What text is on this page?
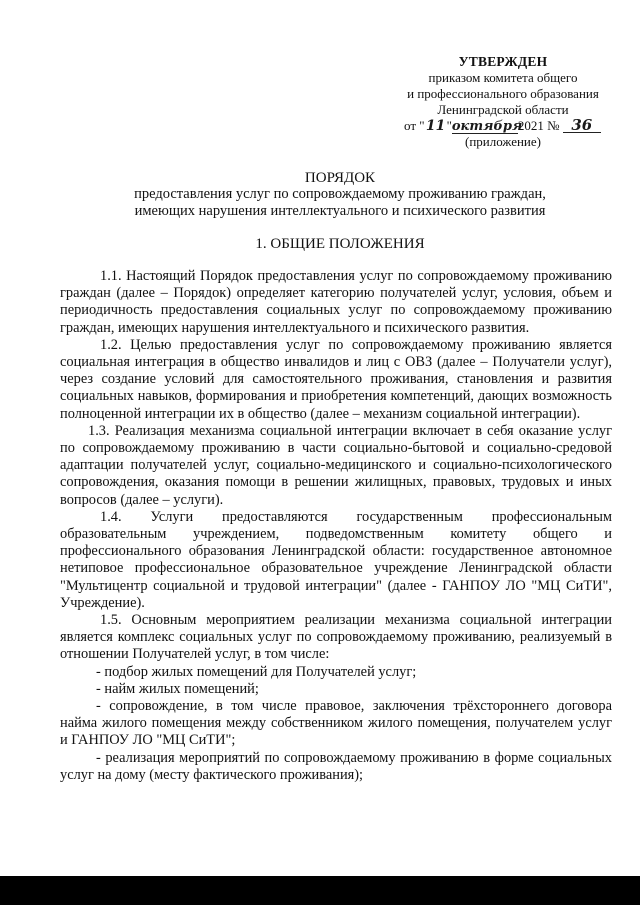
УТВЕРЖДЕН
приказом комитета общего
и профессионального образования
Ленинградской области
от "11"октября2021 № 36
(приложение)
ПОРЯДОК
предоставления услуг по сопровождаемому проживанию граждан,
имеющих нарушения интеллектуального и психического развития
1. ОБЩИЕ ПОЛОЖЕНИЯ

1.1. Настоящий Порядок предоставления услуг по сопровождаемому проживанию граждан (далее – Порядок) определяет категорию получателей услуг, условия, объем и периодичность предоставления социальных услуг по сопровождаемому проживанию граждан, имеющих нарушения интеллектуального и психического развития.

1.2. Целью предоставления услуг по сопровождаемому проживанию является социальная интеграция в общество инвалидов и лиц с ОВЗ (далее – Получатели услуг), через создание условий для самостоятельного проживания, становления и развития социальных навыков, формирования и приобретения компетенций, дающих возможность полноценной интеграции их в общество (далее – механизм социальной интеграции).

1.3. Реализация механизма социальной интеграции включает в себя оказание услуг по сопровождаемому проживанию в части социально-бытовой и социально-средовой адаптации получателей услуг, социально-медицинского и социально-психологического сопровождения, оказания помощи в решении жилищных, правовых, трудовых и иных вопросов (далее – услуги).

1.4. Услуги предоставляются государственным профессиональным образовательным учреждением, подведомственным комитету общего и профессионального образования Ленинградской области: государственное автономное нетиповое профессиональное образовательное учреждение Ленинградской области "Мультицентр социальной и трудовой интеграции" (далее - ГАНПОУ ЛО "МЦ СиТИ", Учреждение).

1.5. Основным мероприятием реализации механизма социальной интеграции является комплекс социальных услуг по сопровождаемому проживанию, реализуемый в отношении Получателей услуг, в том числе:

- подбор жилых помещений для Получателей услуг;

- найм жилых помещений;

- сопровождение, в том числе правовое, заключения трёхстороннего договора найма жилого помещения между собственником жилого помещения, получателем услуг и ГАНПОУ ЛО "МЦ СиТИ";

- реализация мероприятий по сопровождаемому проживанию в форме социальных услуг на дому (месту фактического проживания);
